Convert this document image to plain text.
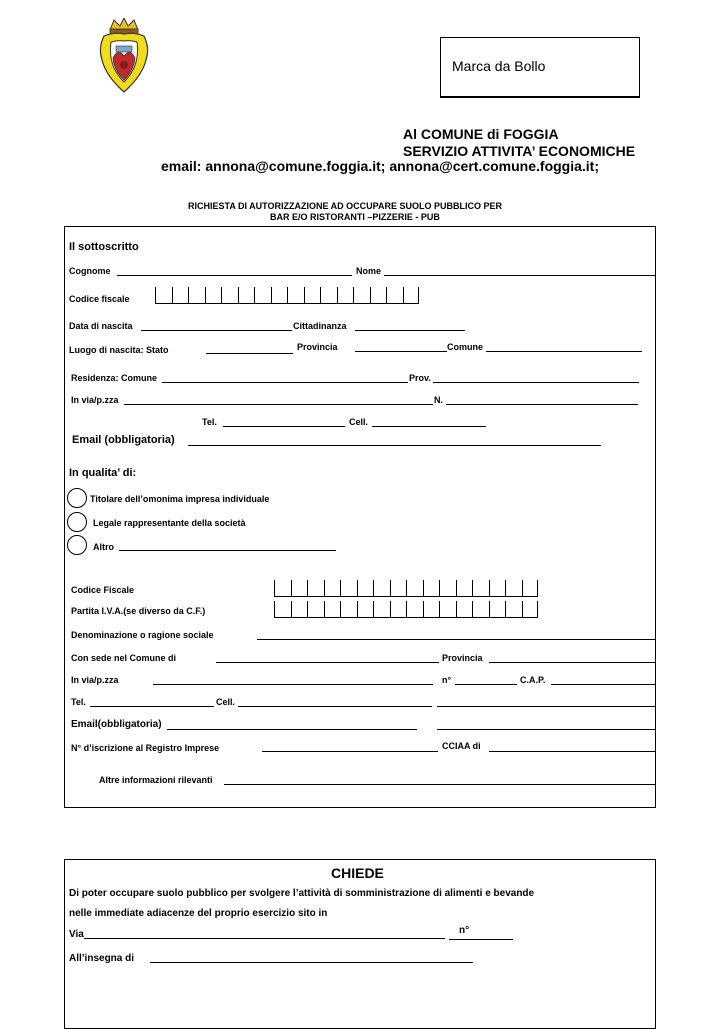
Marca da Bollo
Al COMUNE di FOGGIA
SERVIZIO ATTIVITA’ ECONOMICHE
email: annona@comune.foggia.it; annona@cert.comune.foggia.it;
RICHIESTA DI AUTORIZZAZIONE AD OCCUPARE SUOLO PUBBLICO PER
BAR E/O RISTORANTI –PIZZERIE - PUB
Il sottoscritto
Cognome	Nome
Codice fiscale
Data di nascita	Cittadinanza
Luogo di nascita: Stato	Provincia	Comune
Residenza: Comune	Prov.
In via/p.zza	N.
Tel.	Cell.
Email (obbligatoria)
In qualita’ di:
Titolare dell’omonima impresa individuale
Legale rappresentante della società
Altro
Codice Fiscale
Partita I.V.A.(se diverso da C.F.)
Denominazione o ragione sociale
Con sede nel Comune di	Provincia
In via/p.zza	n°	C.A.P.
Tel.	Cell.
Email(obbligatoria)
N° d’iscrizione al Registro Imprese	CCIAA di
Altre informazioni rilevanti
CHIEDE
Di poter occupare suolo pubblico per svolgere l’attività di somministrazione di alimenti e bevande
nelle immediate adiacenze del proprio esercizio sito in
Via	n°
All’insegna di
